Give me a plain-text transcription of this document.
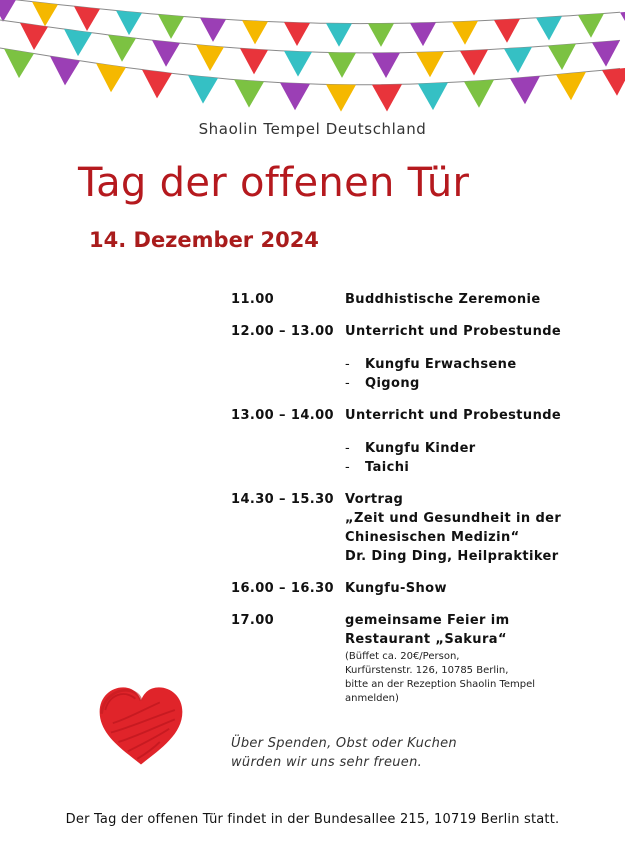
Shaolin Tempel Deutschland
Tag der offenen Tür
14. Dezember 2024
11.00	Buddhistische Zeremonie
12.00 – 13.00 Unterricht und Probestunde
- Kungfu Erwachsene
- Qigong
13.00 – 14.00 Unterricht und Probestunde
- Kungfu Kinder
- Taichi
14.30 – 15.30 Vortrag
„Zeit und Gesundheit in der
Chinesischen Medizin“
Dr. Ding Ding, Heilpraktiker
16.00 – 16.30 Kungfu-Show
17.00	gemeinsame Feier im
Restaurant „Sakura“
(Büffet ca. 20€/Person,
Kurfürstenstr. 126, 10785 Berlin,
bitte an der Rezeption Shaolin Tempel
anmelden)
Über Spenden, Obst oder Kuchen
würden wir uns sehr freuen.
Der Tag der offenen Tür findet in der Bundesallee 215, 10719 Berlin statt.
